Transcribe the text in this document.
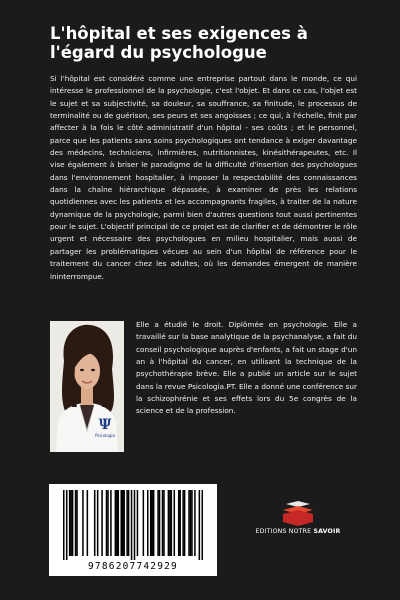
L'hôpital et ses exigences à
l'égard du psychologue

Si l'hôpital est considéré comme une entreprise partout dans le monde, ce qui intéresse le professionnel de la psychologie, c'est l'objet. Et dans ce cas, l'objet est le sujet et sa subjectivité, sa douleur, sa souffrance, sa finitude, le processus de terminalité ou de guérison, ses peurs et ses angoisses ; ce qui, à l'échelle, finit par affecter à la fois le côté administratif d'un hôpital - ses coûts ; et le personnel, parce que les patients sans soins psychologiques ont tendance à exiger davantage des médecins, techniciens, infirmières, nutritionnistes, kinésithérapeutes, etc. Il vise également à briser le paradigme de la difficulté d'insertion des psychologues dans l'environnement hospitalier, à imposer la respectabilité des connaissances dans la chaîne hiérarchique dépassée, à examiner de près les relations quotidiennes avec les patients et les accompagnants fragiles, à traiter de la nature dynamique de la psychologie, parmi bien d'autres questions tout aussi pertinentes pour le sujet. L'objectif principal de ce projet est de clarifier et de démontrer le rôle urgent et nécessaire des psychologues en milieu hospitalier, mais aussi de partager les problématiques vécues au sein d'un hôpital de référence pour le traitement du cancer chez les adultes, où les demandes émergent de manière ininterrompue.

Ψ
Psicologia

Elle a étudié le droit. Diplômée en psychologie. Elle a travaillé sur la base analytique de la psychanalyse, a fait du conseil psychologique auprès d'enfants, a fait un stage d'un an à l'hôpital du cancer, en utilisant la technique de la psychothérapie brève. Elle a publié un article sur le sujet dans la revue Psicologia.PT. Elle a donné une conférence sur la schizophrénie et ses effets lors du 5e congrès de la science et de la profession.

EDITIONS NOTRE SAVOIR
9786207742929
